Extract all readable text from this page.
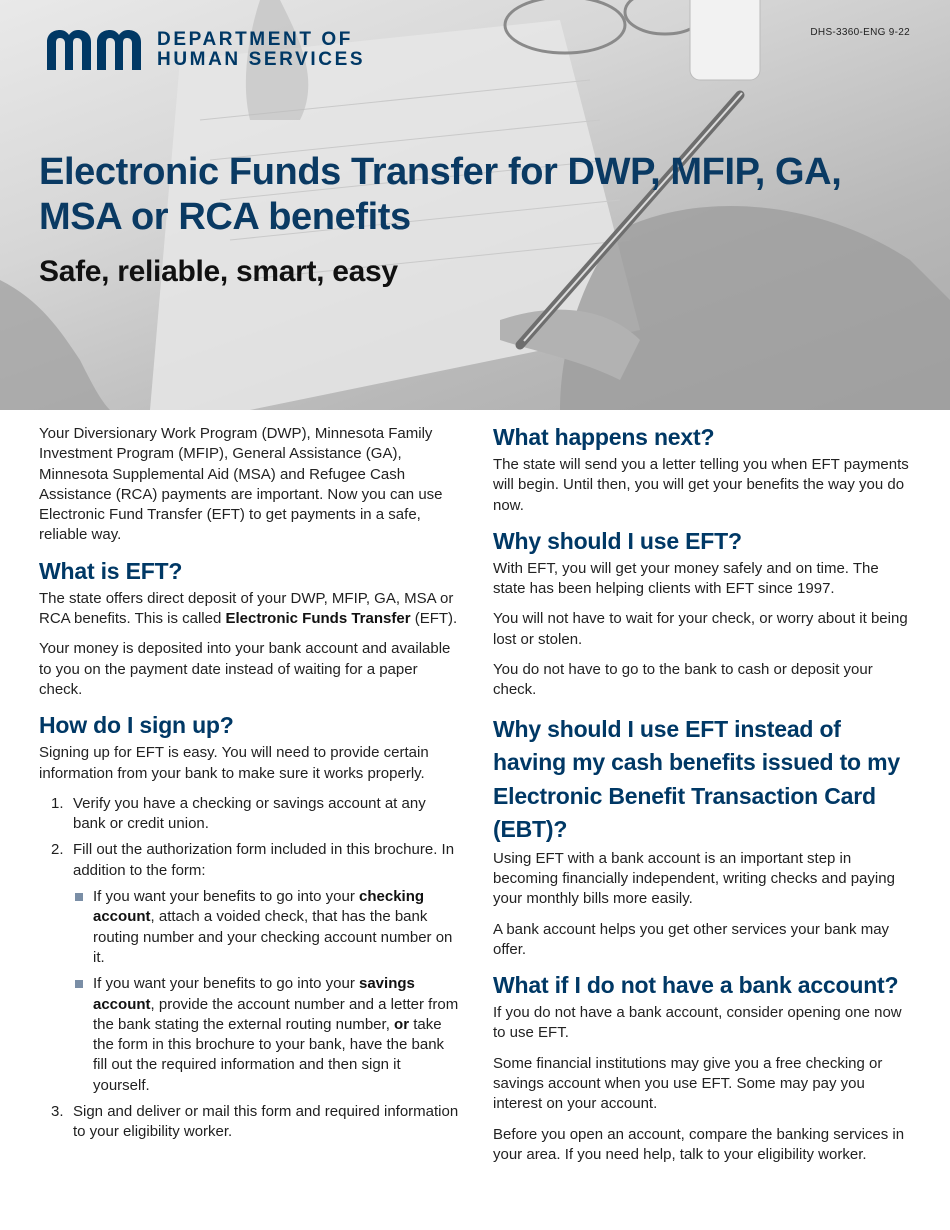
DEPARTMENT OF
HUMAN SERVICES
DHS-3360-ENG 9-22
Electronic Funds Transfer for DWP, MFIP, GA, MSA or RCA benefits
Safe, reliable, smart, easy

Your Diversionary Work Program (DWP), Minnesota Family Investment Program (MFIP), General Assistance (GA), Minnesota Supplemental Aid (MSA) and Refugee Cash Assistance (RCA) payments are important. Now you can use Electronic Fund Transfer (EFT) to get payments in a safe, reliable way.

What is EFT?

The state offers direct deposit of your DWP, MFIP, GA, MSA or RCA benefits. This is called Electronic Funds Transfer (EFT).

Your money is deposited into your bank account and available to you on the payment date instead of waiting for a paper check.

How do I sign up?

Signing up for EFT is easy. You will need to provide certain information from your bank to make sure it works properly.

1. Verify you have a checking or savings account at any bank or credit union.
2. Fill out the authorization form included in this brochure. In addition to the form:
If you want your benefits to go into your checking account, attach a voided check, that has the bank routing number and your checking account number on it.
If you want your benefits to go into your savings account, provide the account number and a letter from the bank stating the external routing number, or take the form in this brochure to your bank, have the bank fill out the required information and then sign it yourself.
3. Sign and deliver or mail this form and required information to your eligibility worker.
What happens next?

The state will send you a letter telling you when EFT payments will begin. Until then, you will get your benefits the way you do now.

Why should I use EFT?

With EFT, you will get your money safely and on time. The state has been helping clients with EFT since 1997.

You will not have to wait for your check, or worry about it being lost or stolen.

You do not have to go to the bank to cash or deposit your check.

Why should I use EFT instead of having my cash benefits issued to my Electronic Benefit Transaction Card (EBT)?

Using EFT with a bank account is an important step in becoming financially independent, writing checks and paying your monthly bills more easily.

A bank account helps you get other services your bank may offer.

What if I do not have a bank account?

If you do not have a bank account, consider opening one now to use EFT.

Some financial institutions may give you a free checking or savings account when you use EFT. Some may pay you interest on your account.

Before you open an account, compare the banking services in your area. If you need help, talk to your eligibility worker.
